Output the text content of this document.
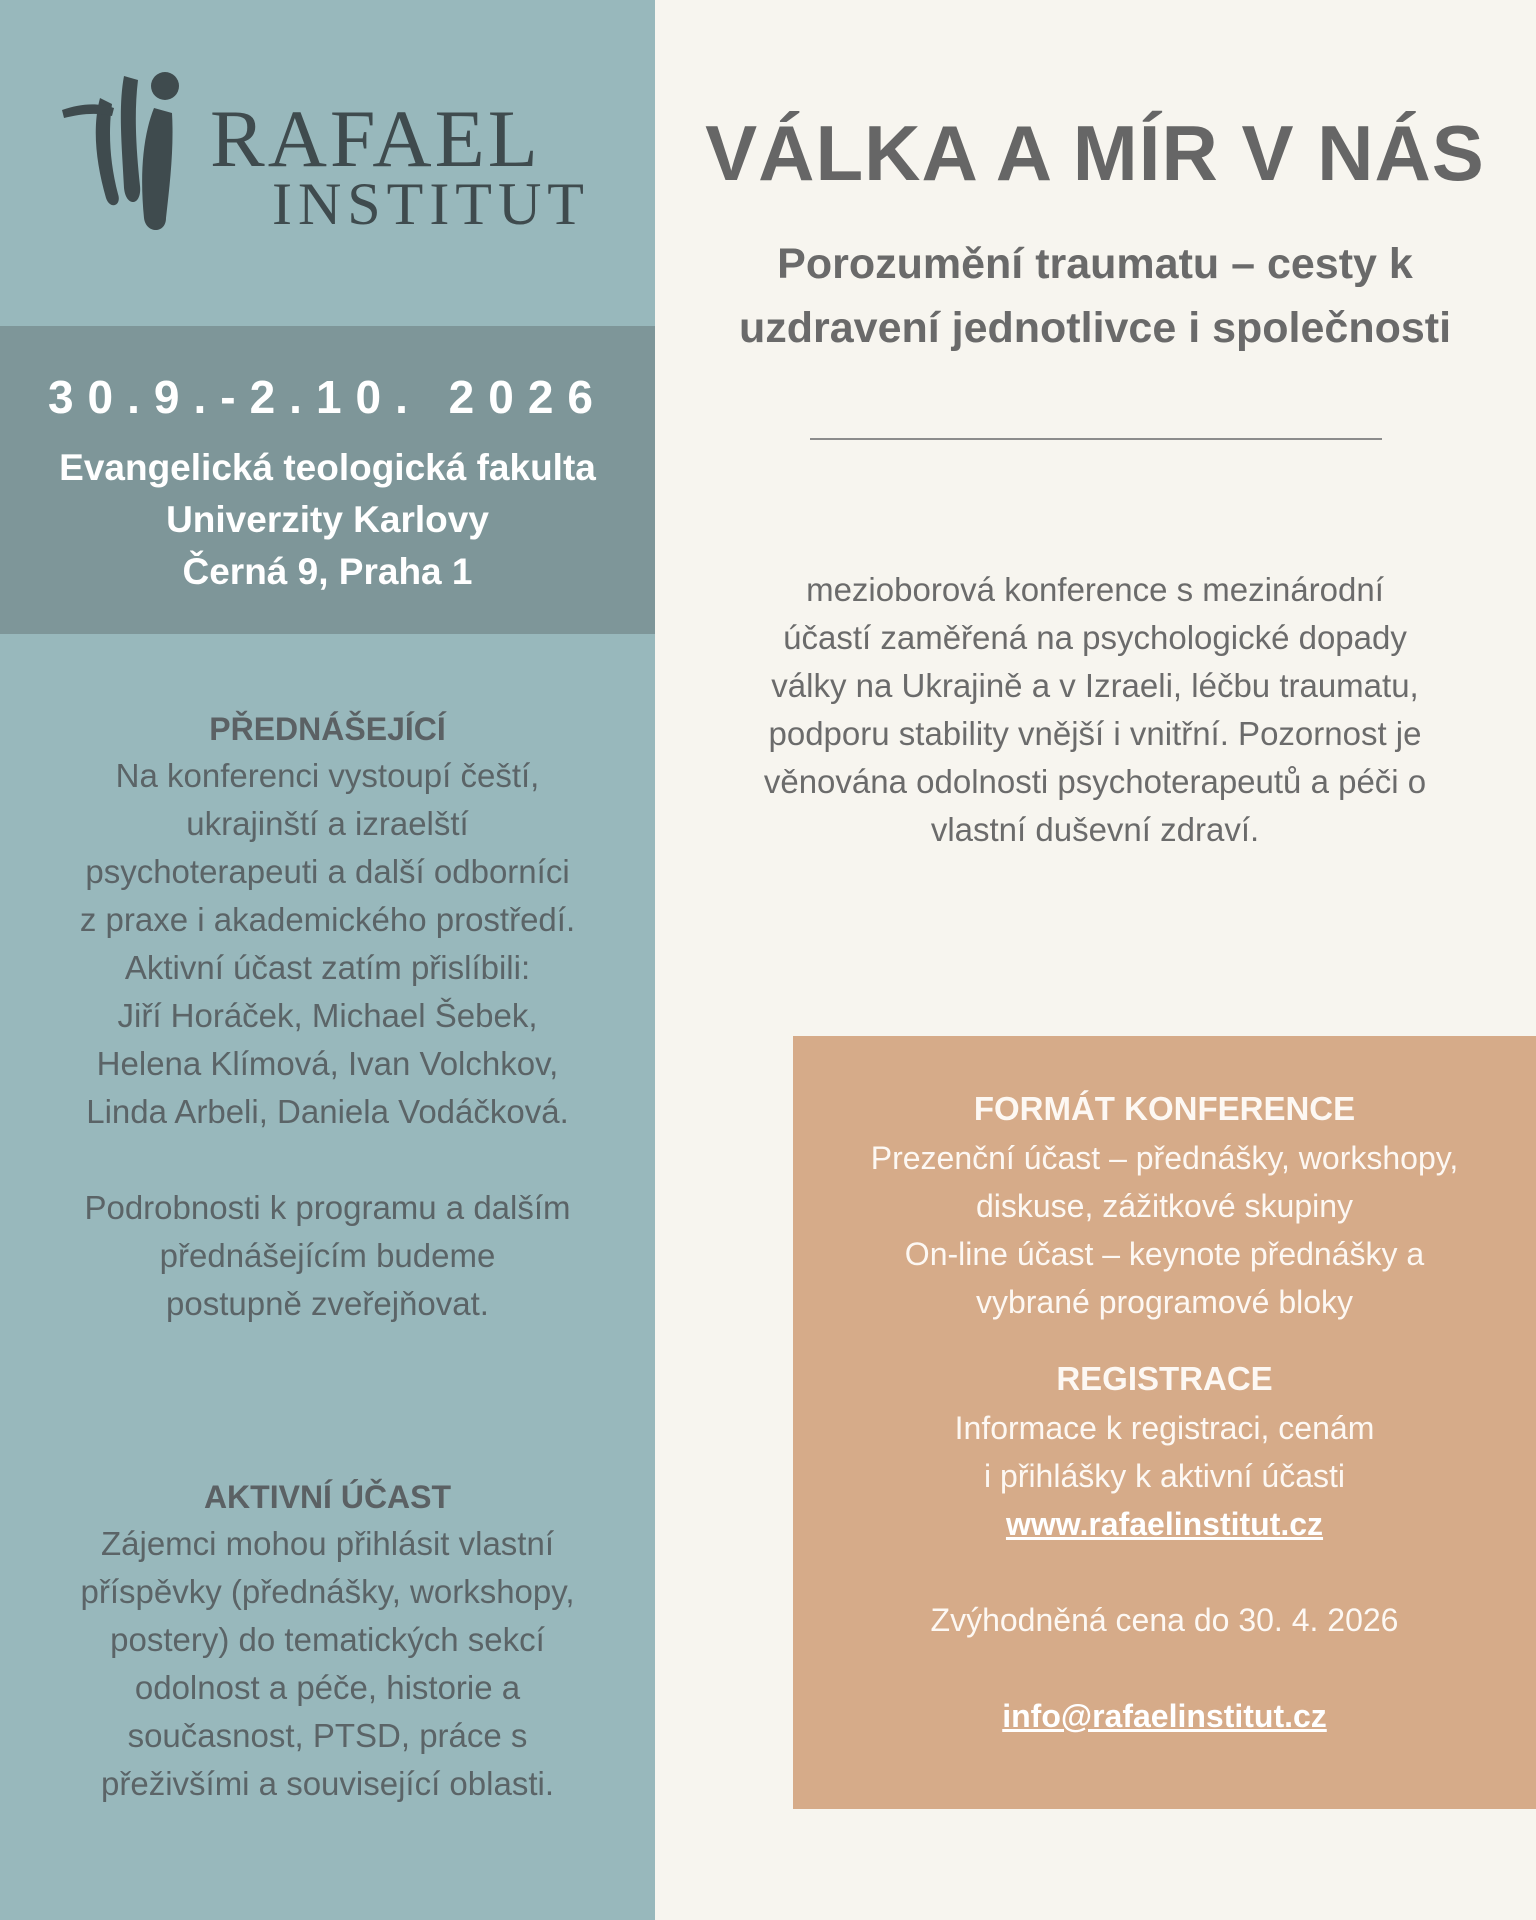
RAFAEL
INSTITUT
30.9.-2.10. 2026
Evangelická teologická fakulta
Univerzity Karlovy
Černá 9, Praha 1
PŘEDNÁŠEJÍCÍ
Na konferenci vystoupí čeští,
ukrajinští a izraelští
psychoterapeuti a další odborníci
z praxe i akademického prostředí.
Aktivní účast zatím přislíbili:
Jiří Horáček, Michael Šebek,
Helena Klímová, Ivan Volchkov,
Linda Arbeli, Daniela Vodáčková.
Podrobnosti k programu a dalším
přednášejícím budeme
postupně zveřejňovat.
AKTIVNÍ ÚČAST
Zájemci mohou přihlásit vlastní
příspěvky (přednášky, workshopy,
postery) do tematických sekcí
odolnost a péče, historie a
současnost, PTSD, práce s
přeživšími a související oblasti.
VÁLKA A MÍR V NÁS
Porozumění traumatu – cesty k
uzdravení jednotlivce i společnosti
mezioborová konference s mezinárodní
účastí zaměřená na psychologické dopady
války na Ukrajině a v Izraeli, léčbu traumatu,
podporu stability vnější i vnitřní. Pozornost je
věnována odolnosti psychoterapeutů a péči o
vlastní duševní zdraví.
FORMÁT KONFERENCE
Prezenční účast – přednášky, workshopy,
diskuse, zážitkové skupiny
On-line účast – keynote přednášky a
vybrané programové bloky
REGISTRACE
Informace k registraci, cenám
i přihlášky k aktivní účasti
www.rafaelinstitut.cz
Zvýhodněná cena do 30. 4. 2026
info@rafaelinstitut.cz
